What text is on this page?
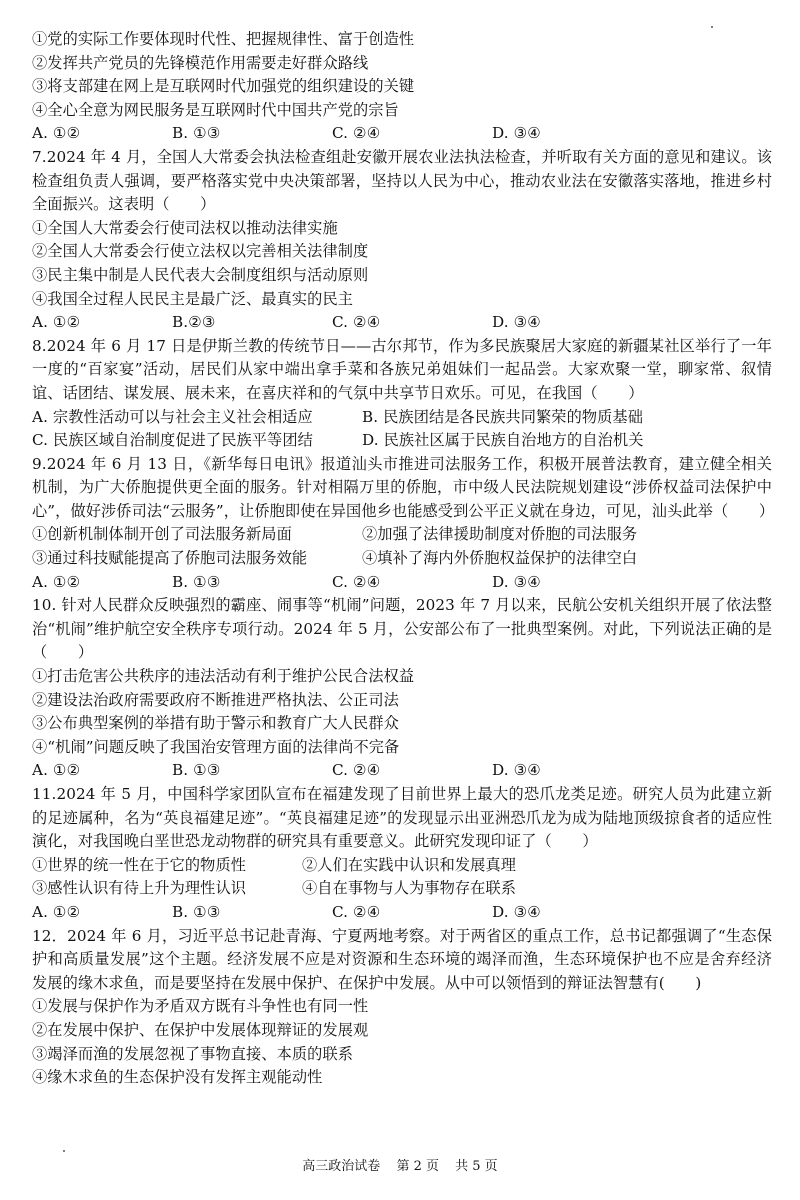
①党的实际工作要体现时代性、把握规律性、富于创造性
②发挥共产党员的先锋模范作用需要走好群众路线
③将支部建在网上是互联网时代加强党的组织建设的关键
④全心全意为网民服务是互联网时代中国共产党的宗旨
A. ①②	B. ①③	C. ②④	D. ③④
7.2024 年 4 月，全国人大常委会执法检查组赴安徽开展农业法执法检查，并听取有关方面的意见和建议。该检查组负责人强调，要严格落实党中央决策部署，坚持以人民为中心，推动农业法在安徽落实落地，推进乡村全面振兴。这表明（　　）
①全国人大常委会行使司法权以推动法律实施
②全国人大常委会行使立法权以完善相关法律制度
③民主集中制是人民代表大会制度组织与活动原则
④我国全过程人民民主是最广泛、最真实的民主
A. ①②	B.②③	C. ②④	D. ③④
8.2024 年 6 月 17 日是伊斯兰教的传统节日——古尔邦节，作为多民族聚居大家庭的新疆某社区举行了一年一度的“百家宴”活动，居民们从家中端出拿手菜和各族兄弟姐妹们一起品尝。大家欢聚一堂，聊家常、叙情谊、话团结、谋发展、展未来，在喜庆祥和的气氛中共享节日欢乐。可见，在我国（　　）
A. 宗教性活动可以与社会主义社会相适应	B. 民族团结是各民族共同繁荣的物质基础
C. 民族区域自治制度促进了民族平等团结	D. 民族社区属于民族自治地方的自治机关
9.2024 年 6 月 13 日，《新华每日电讯》报道汕头市推进司法服务工作，积极开展普法教育，建立健全相关机制，为广大侨胞提供更全面的服务。针对相隔万里的侨胞，市中级人民法院规划建设“涉侨权益司法保护中心”，做好涉侨司法“云服务”，让侨胞即使在异国他乡也能感受到公平正义就在身边，可见，汕头此举（　　）
①创新机制体制开创了司法服务新局面	②加强了法律援助制度对侨胞的司法服务
③通过科技赋能提高了侨胞司法服务效能	④填补了海内外侨胞权益保护的法律空白
A. ①②	B. ①③	C. ②④	D. ③④
10. 针对人民群众反映强烈的霸座、闹事等“机闹”问题，2023 年 7 月以来，民航公安机关组织开展了依法整治“机闹”维护航空安全秩序专项行动。2024 年 5 月，公安部公布了一批典型案例。对此，下列说法正确的是（　　）
①打击危害公共秩序的违法活动有利于维护公民合法权益
②建设法治政府需要政府不断推进严格执法、公正司法
③公布典型案例的举措有助于警示和教育广大人民群众
④“机闹”问题反映了我国治安管理方面的法律尚不完备
A. ①②	B. ①③	C. ②④	D. ③④
11.2024 年 5 月，中国科学家团队宣布在福建发现了目前世界上最大的恐爪龙类足迹。研究人员为此建立新的足迹属种，名为“英良福建足迹”。“英良福建足迹”的发现显示出亚洲恐爪龙为成为陆地顶级掠食者的适应性演化，对我国晚白垩世恐龙动物群的研究具有重要意义。此研究发现印证了（　　）
①世界的统一性在于它的物质性	②人们在实践中认识和发展真理
③感性认识有待上升为理性认识	④自在事物与人为事物存在联系
A. ①②	B. ①③	C. ②④	D. ③④
12．2024 年 6 月，习近平总书记赴青海、宁夏两地考察。对于两省区的重点工作，总书记都强调了“生态保护和高质量发展”这个主题。经济发展不应是对资源和生态环境的竭泽而渔，生态环境保护也不应是舍弃经济发展的缘木求鱼，而是要坚持在发展中保护、在保护中发展。从中可以领悟到的辩证法智慧有(　　)
①发展与保护作为矛盾双方既有斗争性也有同一性
②在发展中保护、在保护中发展体现辩证的发展观
③竭泽而渔的发展忽视了事物直接、本质的联系
④缘木求鱼的生态保护没有发挥主观能动性
高三政治试卷 第 2 页 共 5 页
